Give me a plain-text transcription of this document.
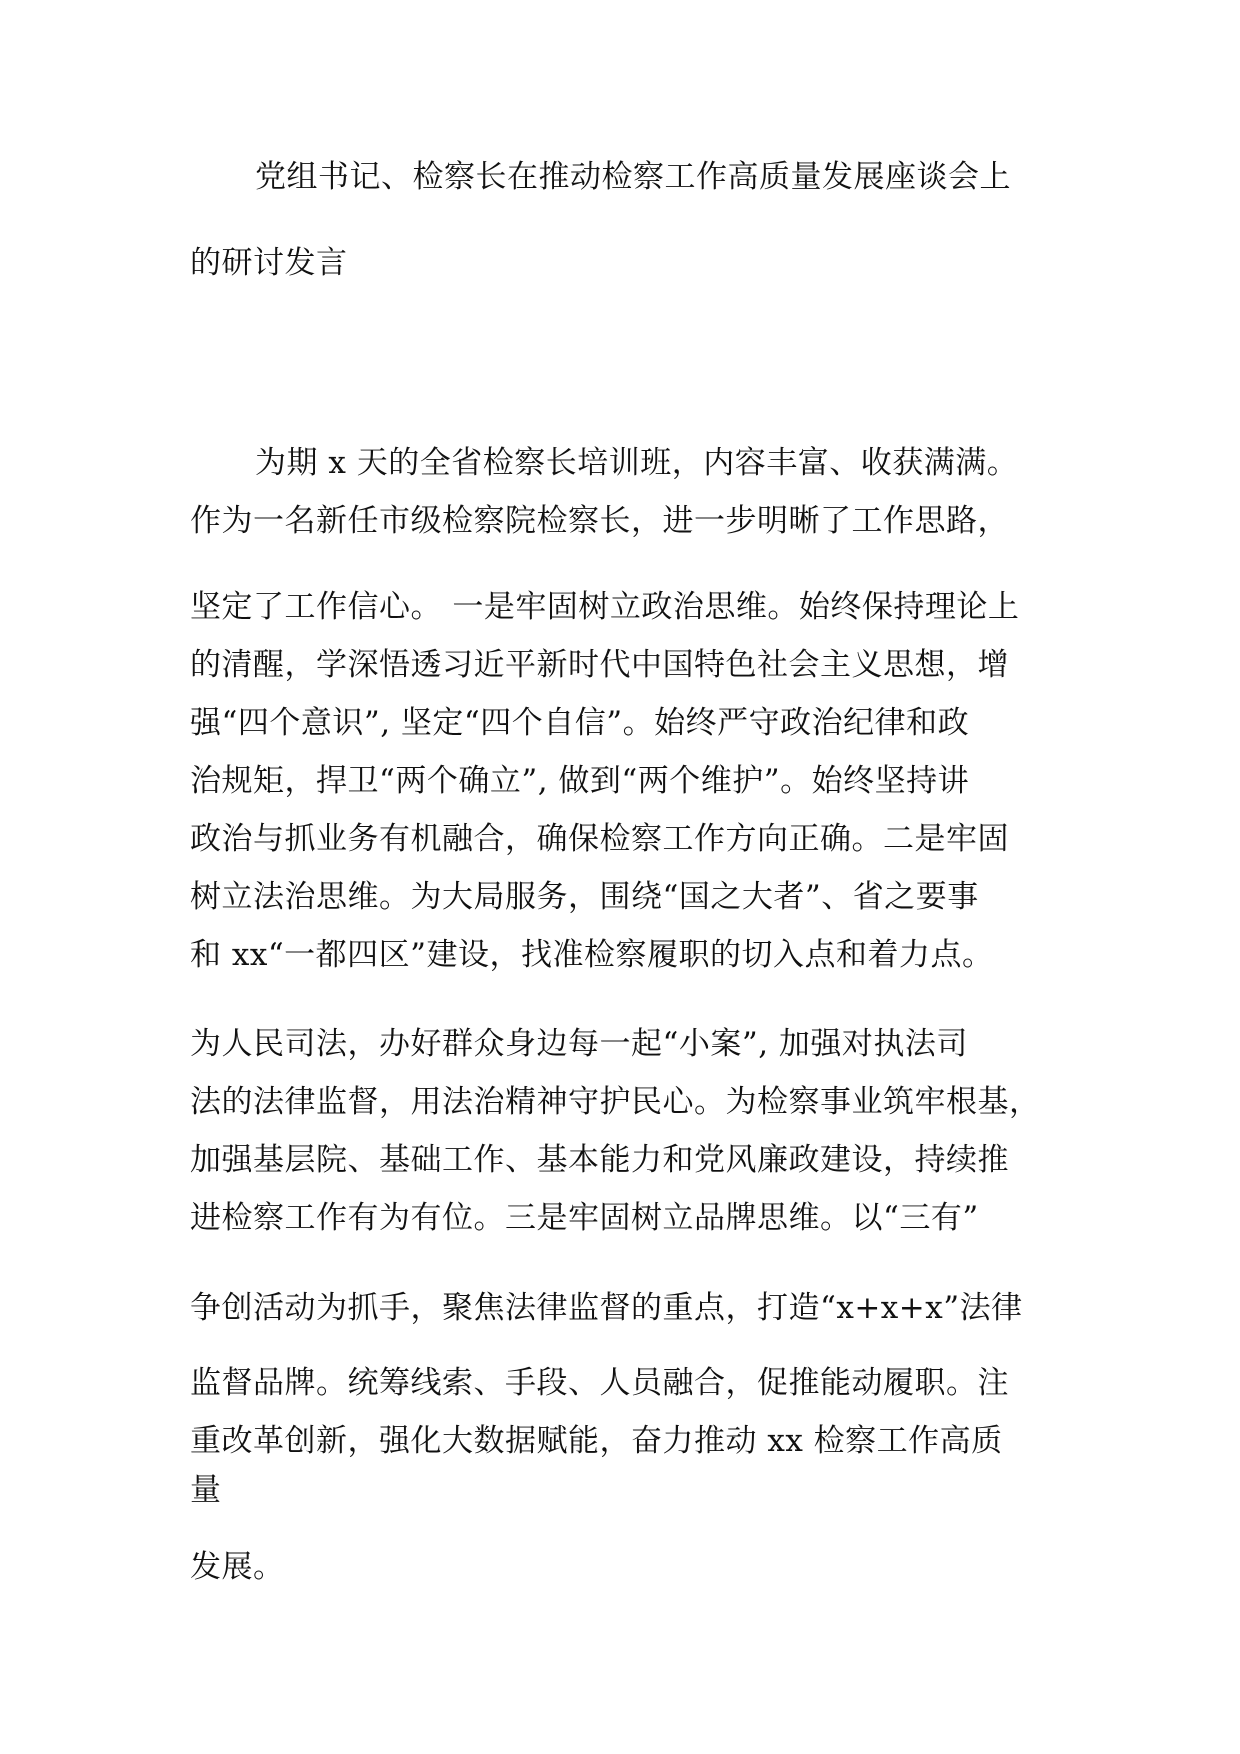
党组书记、检察长在推动检察工作高质量发展座谈会上
的研讨发言
为期 x 天的全省检察长培训班，内容丰富、收获满满。
作为一名新任市级检察院检察长，进一步明晰了工作思路，
坚定了工作信心。 一是牢固树立政治思维。始终保持理论上
的清醒，学深悟透习近平新时代中国特色社会主义思想，增
强“四个意识”, 坚定“四个自信”。始终严守政治纪律和政
治规矩，捍卫“两个确立”, 做到“两个维护”。始终坚持讲
政治与抓业务有机融合，确保检察工作方向正确。二是牢固
树立法治思维。为大局服务，围绕“国之大者”、省之要事
和 xx“一都四区”建设，找准检察履职的切入点和着力点。
为人民司法，办好群众身边每一起“小案”, 加强对执法司
法的法律监督，用法治精神守护民心。为检察事业筑牢根基，
加强基层院、基础工作、基本能力和党风廉政建设，持续推
进检察工作有为有位。三是牢固树立品牌思维。以“三有”
争创活动为抓手，聚焦法律监督的重点，打造“x+x+x”法律
监督品牌。统筹线索、手段、人员融合，促推能动履职。注
重改革创新，强化大数据赋能，奋力推动 xx 检察工作高质
量
发展。
